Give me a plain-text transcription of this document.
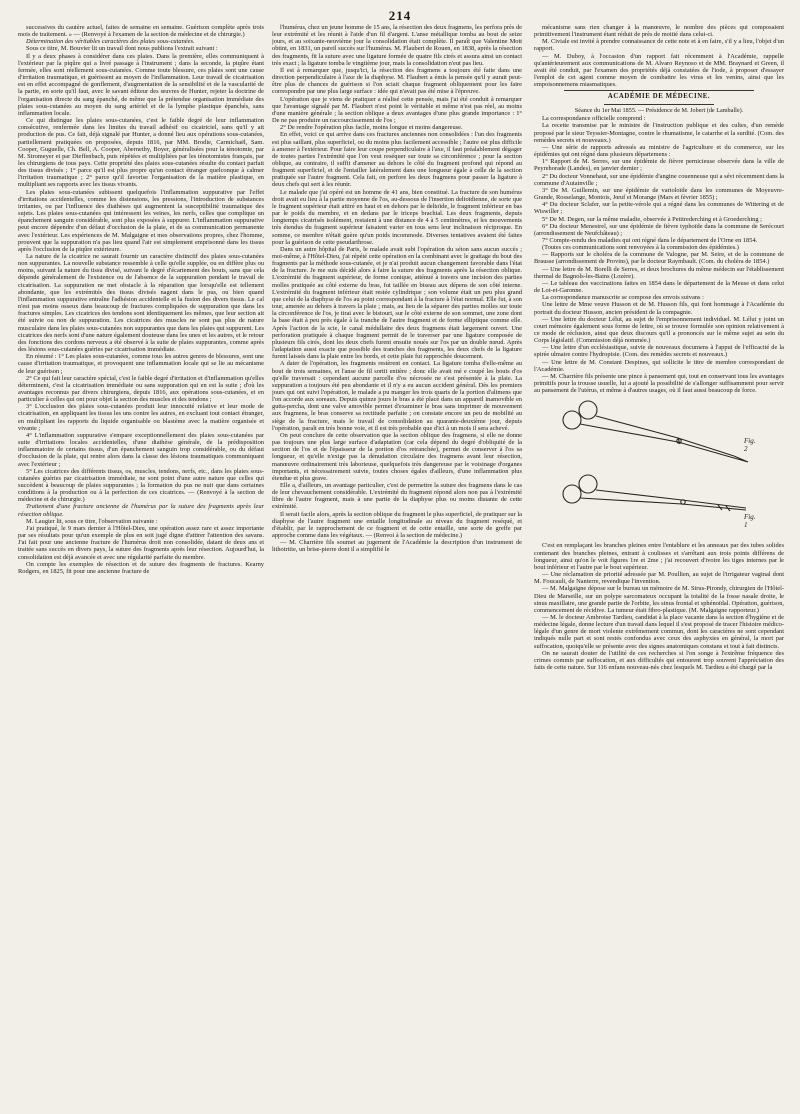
214

successives du cautère actuel, faites de semaine en semaine. Guérison complète après trois mois de traitement. » — (Renvoyé à l'examen de la section de médecine et de chirurgie.)

Détermination des véritables caractères des plaies sous-cutanées.

Sous ce titre, M. Bouvier lit un travail dont nous publions l'extrait suivant :

Il y a deux phases à considérer dans ces plaies. Dans la première, elles communiquent à l'extérieur par la piqûre qui a livré passage à l'instrument ; dans la seconde, la piqûre étant fermée, elles sont réellement sous-cutanées. Comme toute blessure, ces plaies sont une cause d'irritation traumatique, et guérissent au moyen de l'inflammation. Leur travail de cicatrisation est en effet accompagné de gonflement, d'augmentation de la sensibilité et de la vascularité de la partie, en sorte qu'il faut, avec le savant éditeur des œuvres de Hunter, rejeter la doctrine de l'organisation directe du sang épanché, de même que la prétendue organisation immédiate des plaies sous-cutanées au moyen du sang artériel et de la lymphe plastique épanchés, sans inflammation locale.

Ce qui distingue les plaies sous-cutanées, c'est le faible degré de leur inflammation consécutive, renfermée dans les limites du travail adhésif ou cicatriciel, sans qu'il y ait production de pus. Ce fait, déjà signalé par Hunter, a donné lieu aux opérations sous-cutanées, partiellement pratiquées on proposées, depuis 1816, par MM. Brodie, Carmichaël, Sam. Cooper, Guguelle, Ch. Bell, A. Cooper, Abernethy, Boyer, généralisées pour la ténotomie, par M. Stromeyer et par Dieffenbach, puis répétées et multipliées par les ténotomistes français, par les chirurgiens de tous pays. Cette propriété des plaies sous-cutanées résulte du contact parfait des tissus divisés ; 1° parce qu'il est plus propre qu'un contact étranger quelconque à calmer l'irritation traumatique ; 2° parce qu'il favorise l'organisation de la matière plastique, en multipliant ses rapports avec les tissus vivants.

Les plaies sous-cutanées subissent quelquefois l'inflammation suppurative par l'effet d'irritations accidentelles, comme les distensions, les pressions, l'introduction de substances irritantes, ou par l'influence des diathèses qui augmentent la susceptibilité traumatique des sujets. Les plaies sous-cutanées qui intéressent les veines, les nerfs, celles que complique un épanchement sanguin considérable, sont plus exposées à suppurer. L'inflammation suppurative peut encore dépendre d'un défaut d'occlusion de la plaie, et de sa communication permanente avec l'extérieur. Les expériences de M. Malgaigne et mes observations propres, chez l'homme, prouvent que la suppuration n'a pas lieu quand l'air est simplement emprisonné dans les tissus après l'occlusion de la piqûre extérieure.

La nature de la cicatrice ne saurait fournir un caractère distinctif des plaies sous-cutanées non suppurantes. La nouvelle substance ressemble à celle qu'elle supplée, ou en diffère plus ou moins, suivant la nature du tissu divisé, suivant le degré d'écartement des bouts, sans que cela dépende généralement de l'existence ou de l'absence de la suppuration pendant le travail de cicatrisation. La suppuration ne met obstacle à la réparation que lorsqu'elle est tellement abondante, que les extrémités des tissus divisés nagent dans le pus, ou bien quand l'inflammation suppurative entraîne l'adhésion accidentelle et la fusion des divers tissus. Le cal n'est pas moins osseux dans beaucoup de fractures compliquées de suppuration que dans les fractures simples. Les cicatrices des tendons sont identiquement les mêmes, que leur section ait été suivie ou non de suppuration. Les cicatrices des muscles ne sont pas plus de nature musculaire dans les plaies sous-cutanées non suppurantes que dans les plaies qui suppurent. Les cicatrices des nerfs sont d'une nature également douteuse dans les unes et les autres, et le retour des fonctions des cordons nerveux a été observé à la suite de plaies suppurantes, comme après des lésions sous-cutanées guéries par cicatrisation immédiate.

En résumé : 1° Les plaies sous-cutanées, comme tous les autres genres de blessures, sont une cause d'irritation traumatique, et provoquent une inflammation locale qui se lie au mécanisme de leur guérison ;

2° Ce qui fait leur caractère spécial, c'est le faible degré d'irritation et d'inflammation qu'elles déterminent, c'est la cicatrisation immédiate ou sans suppuration qui en est la suite ; d'où les avantages reconnus par divers chirurgiens, depuis 1816, aux opérations sous-cutanées, et en particulier à celles qui ont pour objet la section des muscles et des tendons ;

3° L'occlusion des plaies sous-cutanées produit leur innocuité relative et leur mode de cicatrisation, en appliquant les tissus les uns contre les autres, en excluant tout contact étranger, en multipliant les rapports du liquide organisable ou blastème avec la matière organisée et vivante ;

4° L'inflammation suppurative s'empare exceptionnellement des plaies sous-cutanées par suite d'irritations locales accidentelles, d'une diathèse générale, de la prédisposition inflammatoire de certains tissus, d'un épanchement sanguin trop considérable, ou du défaut d'occlusion de la plaie, qui rentre alors dans la classe des lésions traumatiques communiquant avec l'extérieur ;

5° Les cicatrices des différents tissus, os, muscles, tendons, nerfs, etc., dans les plaies sous-cutanées guéries par cicatrisation immédiate, ne sont point d'une autre nature que celles qui succèdent à beaucoup de plaies suppurantes ; la formation du pus ne nuit que dans certaines conditions à la production ou à la perfection de ces cicatrices. — (Renvoyé à la section de médecine et de chirurgie.)

Traitement d'une fracture ancienne de l'humérus par la suture des fragments après leur résection oblique.

M. Laugier lit, sous ce titre, l'observation suivante :

J'ai pratiqué, le 9 mars dernier à l'Hôtel-Dieu, une opération assez rare et assez importante par ses résultats pour qu'un exemple de plus en soit jugé digne d'attirer l'attention des savans. J'ai fait pour une ancienne fracture de l'humérus droit non consolidée, datant de deux ans et traitée sans succès en divers pays, la suture des fragments après leur résection. Aujourd'hui, la consolidation est déjà avancée et avec une régularité parfaite du membre.

On compte les exemples de résection et de suture des fragments de fractures. Kearny Rodgers, en 1825, fit pour une ancienne fracture de

l'humérus, chez un jeune homme de 15 ans, la résection des deux fragmens, les perfora près de leur extrémité et les réunit à l'aide d'un fil d'argent. L'anse métallique tomba au bout de seize jours, et au soixante-neuvième jour la consolidation était complète. Il paraît que Valentine Mott obtint, en 1831, un pareil succès sur l'humérus. M. Flaubert de Rouen, en 1838, après la résection des fragments, fit la suture avec une ligature formée de quatre fils cirés et assura ainsi un contact très exact ; la ligature tomba le vingtième jour, mais la consolidation n'eut pas lieu.

Il est à remarquer que, jusqu'ici, la résection des fragmens a toujours été faite dans une direction perpendiculaire à l'axe de la diaphyse. M. Flaubert a émis la pensée qu'il y aurait peut-être plus de chances de guérison si l'on sciait chaque fragment obliquement pour les faire correspondre par une plus large surface : idée qui n'avait pas été mise à l'épreuve.

L'opération que je viens de pratiquer a réalisé cette pensée, mais j'ai été conduit à remarquer que l'avantage signalé par M. Flaubert n'est point le véritable et même n'est pas réel, au moins d'une manière générale ; la section oblique a deux avantages d'une plus grande importance : 1° De ne pas produire un raccourcissement de l'os ;

2° De rendre l'opération plus facile, moins longue et moins dangereuse.

En effet, voici ce qui arrive dans ces fractures anciennes non consolidées : l'un des fragments est plus saillant, plus superficiel, ou du moins plus facilement accessible ; l'autre est plus difficile à amener à l'extérieur. Pour faire leur coupe perpendiculaire à l'axe, il faut préalablement dégager de toutes parties l'extrémité que l'on veut reséquer sur toute sa circonférence ; pour la section oblique, au contraire, il suffit d'amener au dehors le côté du fragment profond qui répond au fragment superficiel, et de l'entailler latéralement dans une longueur égale à celle de la section pratiquée sur l'autre fragment. Cela fait, on perfore les deux fragmens pour passer la ligature à deux chefs qui sert à les réunir.

Le malade que j'ai opéré est un homme de 41 ans, bien constitué. La fracture de son humérus droit avait eu lieu à la partie moyenne de l'os, au-dessous de l'insertion deltoïdienne, de sorte que le fragment supérieur était attiré en haut et en dehors par le deltoïde, le fragment inférieur en bas par le poids du membre, et en dedans par le triceps brachial. Les deux fragments, depuis longtemps cicatrisés isolément, restaient à une distance de 4 à 5 centimètres, et les mouvements très étendus du fragment supérieur faisaient varier en tous sens leur inclinaison réciproque. En somme, ce membre n'était guère qu'un poids incommode. Diverses tentatives avaient été faites pour la guérison de cette pseudarthrose.

Dans un autre hôpital de Paris, le malade avait subi l'opération du séton sans aucun succès ; moi-même, à l'Hôtel-Dieu, j'ai répété cette opération en la combinant avec le grattage du bout des fragments par la méthode sous-cutanée, et je n'ai produit aucun changement favorable dans l'état de la fracture. Je me suis décidé alors à faire la suture des fragments après la résection oblique. L'extrémité du fragment supérieur, de forme conique, atténué à travers une incision des parties molles pratiquée au côté externe du bras, fut taillée en biseau aux dépens de son côté interne. L'extrémité du fragment inférieur était restée cylindrique ; son volume était un peu plus grand que celui de la diaphyse de l'os au point correspondant à la fracture à l'état normal. Elle fut, à son tour, amenée au dehors à travers la plaie ; mais, au lieu de la séparer des parties molles sur toute la circonférence de l'os, je tirai avec le bistouri, sur le côté externe de son sommet, une zone dont la base était à peu près égale à la tranche de l'autre fragment et de forme elliptique comme elle. Après l'action de la scie, le canal médullaire des deux fragmens était largement ouvert. Une perforation pratiquée à chaque fragment permit de le traverser par une ligature composée de plusieurs fils cirés, dont les deux chefs furent ensuite noués sur l'os par un double nœud. Après l'adaptation aussi exacte que possible des tranches des fragments, les deux chefs de la ligature furent laissés dans la plaie entre les bords, et cette plaie fut rapprochée doucement.

A dater de l'opération, les fragments restèrent en contact. La ligature tomba d'elle-même au bout de trois semaines, et l'anse de fil sortit entière ; donc elle avait mé e coupé les bouts d'os qu'elle traversait : cependant aucune parcelle d'os nécrosée ne s'est présentée à la plaie. La suppuration a toujours été peu abondante et il n'y a eu aucun accident général. Dès les premiers jours qui ont suivi l'opération, le malade a pu manger les trois quarts de la portion d'alimens que l'on accorde aux soreaux. Depuis quinze jours le bras a été placé dans un appareil inamovible en gutta-percha, dont une valve amovible permet d'examiner le bras sans imprimer de mouvement aux fragmens, le bras conserve sa rectitude parfaite ; on constate encore un peu de mobilité au siège de la fracture, mais le travail de consolidation au quarante-deuxième jour, depuis l'opération, paraît en très bonne voie, et il est très probable que d'ici à un mois il sera achevé.

On peut conclure de cette observation que la section oblique des fragmens, si elle ne donne pas toujours une plus large surface d'adaptation (car cela dépend du degré d'obliquité de la section de l'os et de l'épaisseur de la portion d'os retranchée), permet de conserver à l'os sa longueur, et qu'elle n'exige pas la dénudation circulaire des fragmens avant leur résection, manœuvre ordinairement très laborieuse, quelquefois très dangereuse par le voisinage d'organes importants, et nécessairement suivie, toutes choses égales d'ailleurs, d'une inflammation plus étendue et plus grave.

Elle a, d'ailleurs, un avantage particulier, c'est de permettre la suture des fragmens dans le cas de leur chevauchement considérable. L'extrémité du fragment répond alors non pas à l'extrémité libre de l'autre fragment, mais à une partie de la diaphyse plus ou moins distante de cette extrémité.

Il serait facile alors, après la section oblique du fragment le plus superficiel, de pratiquer sur la diaphyse de l'autre fragment une entaille longitudinale au niveau du fragment reséqué, et d'établir, par le rapprochement de ce fragment et de cette entaille, une sorte de greffe par approche comme dans les végétaux. — (Renvoi à la section de médecine.)

— M. Charrière fils soumet au jugement de l'Académie la description d'un instrument de lithotritie, un brise-pierre dont il a simplifié le

mécanisme sans rien changer à la manœuvre, le nombre des pièces qui composaient primitivement l'instrument étant réduit de près de moitié dans celui-ci.

M. Civiale est invité à prendre connaissance de cette note et à en faire, s'il y a lieu, l'objet d'un rapport.

— M. Duboy, à l'occasion d'un rapport fait récemment à l'Académie, rappelle qu'antérieurement aux communications de M. Alvaro Reynoso et de MM. Braynard et Green, il avait été conduit, par l'examen des propriétés déjà constatées de l'iode, à proposer d'essayer l'emploi de cet agent comme moyen de combattre les virus et les venins, ainsi que les empoisonnemens miasmatiques.

ACADÉMIE DE MÉDECINE.
Séance du 1er Mai 1855. — Présidence de M. Jobert (de Lamballe).

La correspondance officielle comprend :

La recette transmise par le ministre de l'instruction publique et des cultes, d'un remède proposé par le sieur Teyssier-Montagne, contre le rhumatisme, le catarrhe et la surdité. (Com. des remèdes secrets et nouveaux.)

— Une série de rapports adressés au ministre de l'agriculture et du commerce, sur les épidémies qui ont régné dans plusieurs départemens :

1° Rapport de M. Serres, sur une épidémie de fièvre pernicieuse observée dans la ville de Peyrehorade (Landes), en janvier dernier ;

2° Du docteur Vonnehaut, sur une épidémie d'angine couenneuse qui a sévi récemment dans la commune d'Autainville ;

3° De M. Guillemin, sur une épidémie de varioloïde dans les communes de Moyeuvre-Grande, Rosselange, Montois, Jœuf et Morange (Mars et février 1855) ;

4° Du docteur Sclafer, sur la petite-vérole qui a régné dans les communes de Wittering et de Wiswiller ;

5° De M. Degen, sur la même maladie, observée à Petitrederching et à Groederching ;

6° Du docteur Menestrel, sur une épidémie de fièvre typhoïde dans la commune de Serécourt (arrondissement de Neufchâteau) ;

7° Compte-rendu des maladies qui ont régné dans le département de l'Orne en 1854.

(Toutes ces communications sont renvoyées à la commission des épidémies.)

— Rapports sur le choléra de la commune de Valogne, par M. Seire, et de la commune de Brausse (arrondissement de Provins), par le docteur Raymbault. (Com. du choléra de 1854.)

— Une lettre de M. Borelli de Serres, et deux brochures du même médecin sur l'établissement thermal de Bagnols-les-Bains (Lozère).

— Le tableau des vaccinations faites en 1854 dans le département de la Meuse et dans celui de Lot-et-Garonne.

La correspondance manuscrite se compose des envois suivans :

Une lettre de Mme veuve Husson et de M. Husson fils, qui font hommage à l'Académie du portrait du docteur Husson, ancien président de la compagnie.

— Une lettre du docteur Lélut, au sujet de l'emprisonnement individuel. M. Lélut y joint un court mémoire également sous forme de lettre, où se trouve formulée son opinion relativement à ce mode de réclusion, ainsi que deux discours qu'il a prononcés sur le même sujet au sein du Corps législatif. (Commission déjà nommée.)

— Une lettre d'un ecclésiastique, suivie de nouveaux documens à l'appui de l'efficacité de la spirée ulmaire contre l'hydropisie. (Com. des remèdes secrets et nouveaux.)

— Une lettre de M. Constant Despines, qui sollicite le titre de membre correspondant de l'Académie.

— M. Charrière fils présente une pince à pansement qui, tout en conservant tous les avantages primitifs pour la trousse usuelle, lui a ajouté la possibilité de s'allonger suffisamment pour servir au pansement de l'utérus, et même à d'autres usages, où il faut aussi beaucoup de force.

Fig. 2
Fig. 1

C'est en remplaçant les branches pleines entre l'entablure et les anneaux par des tubes solides contenant des branches pleines, entrant à coulisses et s'arrêtant aux trois points différens de longueur, ainsi qu'on le voit figures 1re et 2me ; j'ai recouvert d'ivoire les tiges internes par le bout inférieur et l'autre par le bout supérieur.

— Une réclamation de priorité adressée par M. Poullien, au sujet de l'irrigateur vaginal dont M. Foucault, de Nanterre, revendique l'invention.

— M. Malgaigne dépose sur le bureau un mémoire de M. Sirus-Pirondy, chirurgien de l'Hôtel-Dieu de Marseille, sur un polype sarcomateux occupant la totalité de la fosse nasale droite, le sinus maxillaire, une grande partie de l'orbite, les sinus frontal et sphénoïdal. Opération, guérison, commencement de récidive. La tumeur était fibro-plastique. (M. Malgaigne rapporteur.)

— M. le docteur Ambroise Tardieu, candidat à la place vacante dans la section d'hygiène et de médecine légale, donne lecture d'un travail dans lequel il s'est proposé de tracer l'histoire médico-légale d'un genre de mort violente extrêmement commun, dont les caractères ne sont cependant indiqués nulle part et sont restés confondus avec ceux des asphyxies en général, la mort par suffocation, quoiqu'elle se présente avec des signes anatomiques constans et tout à fait distincts.

On ne saurait douter de l'utilité de ces recherches si l'on songe à l'extrême fréquence des crimes commis par suffocation, et aux difficultés qui entourent trop souvent l'appréciation des faits de cette nature. Sur 116 enfans nouveau-nés chez lesquels M. Tardieu a été chargé par la
